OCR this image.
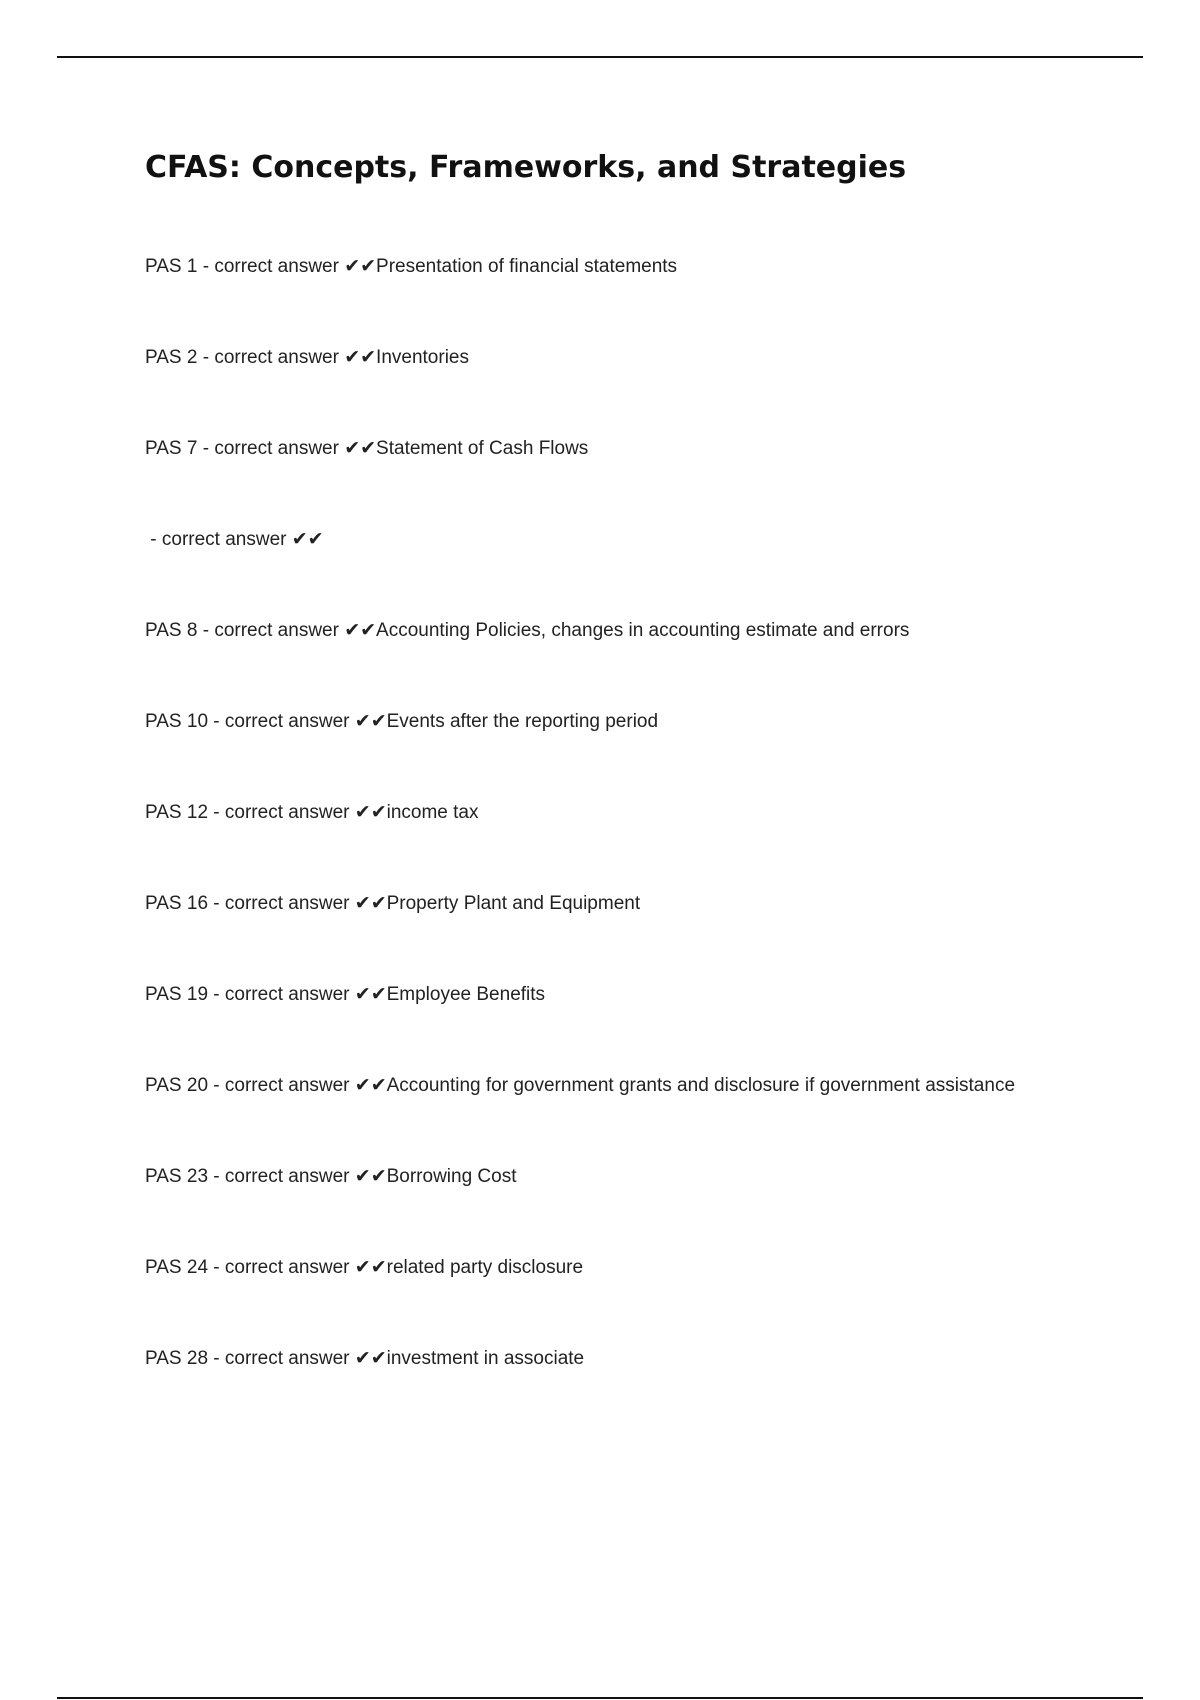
CFAS: Concepts, Frameworks, and Strategies
PAS 1 - correct answer ✔✔Presentation of financial statements
PAS 2 - correct answer ✔✔Inventories
PAS 7 - correct answer ✔✔Statement of Cash Flows
- correct answer ✔✔
PAS 8 - correct answer ✔✔Accounting Policies, changes in accounting estimate and errors
PAS 10 - correct answer ✔✔Events after the reporting period
PAS 12 - correct answer ✔✔income tax
PAS 16 - correct answer ✔✔Property Plant and Equipment
PAS 19 - correct answer ✔✔Employee Benefits
PAS 20 - correct answer ✔✔Accounting for government grants and disclosure if government assistance
PAS 23 - correct answer ✔✔Borrowing Cost
PAS 24 - correct answer ✔✔related party disclosure
PAS 28 - correct answer ✔✔investment in associate
